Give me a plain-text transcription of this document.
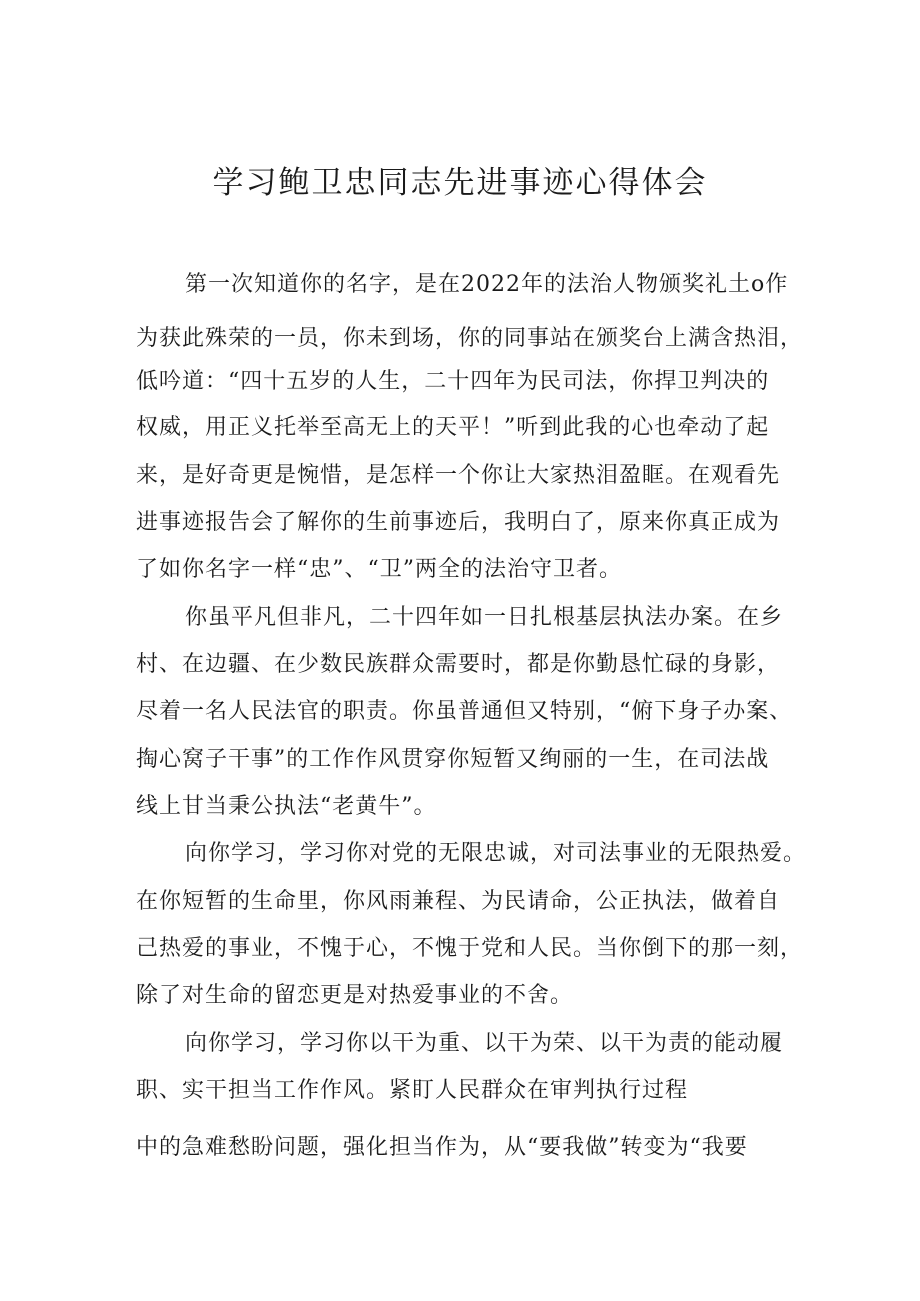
学习鲍卫忠同志先进事迹心得体会
第一次知道你的名字，是在2022年的法治人物颁奖礼土o作
为获此殊荣的一员，你未到场，你的同事站在颁奖台上满含热泪，
低吟道：“四十五岁的人生，二十四年为民司法，你捍卫判决的
权威，用正义托举至高无上的天平！”听到此我的心也牵动了起
来，是好奇更是惋惜，是怎样一个你让大家热泪盈眶。在观看先
进事迹报告会了解你的生前事迹后，我明白了，原来你真正成为
了如你名字一样“忠”、“卫”两全的法治守卫者。
你虽平凡但非凡，二十四年如一日扎根基层执法办案。在乡
村、在边疆、在少数民族群众需要时，都是你勤恳忙碌的身影，
尽着一名人民法官的职责。你虽普通但又特别，“俯下身子办案、
掏心窝子干事”的工作作风贯穿你短暂又绚丽的一生，在司法战
线上甘当秉公执法“老黄牛”。
向你学习，学习你对党的无限忠诚，对司法事业的无限热爱。
在你短暂的生命里，你风雨兼程、为民请命，公正执法，做着自
己热爱的事业，不愧于心，不愧于党和人民。当你倒下的那一刻，
除了对生命的留恋更是对热爱事业的不舍。
向你学习，学习你以干为重、以干为荣、以干为责的能动履
职、实干担当工作作风。紧盯人民群众在审判执行过程
中的急难愁盼问题，强化担当作为，从“要我做”转变为“我要
